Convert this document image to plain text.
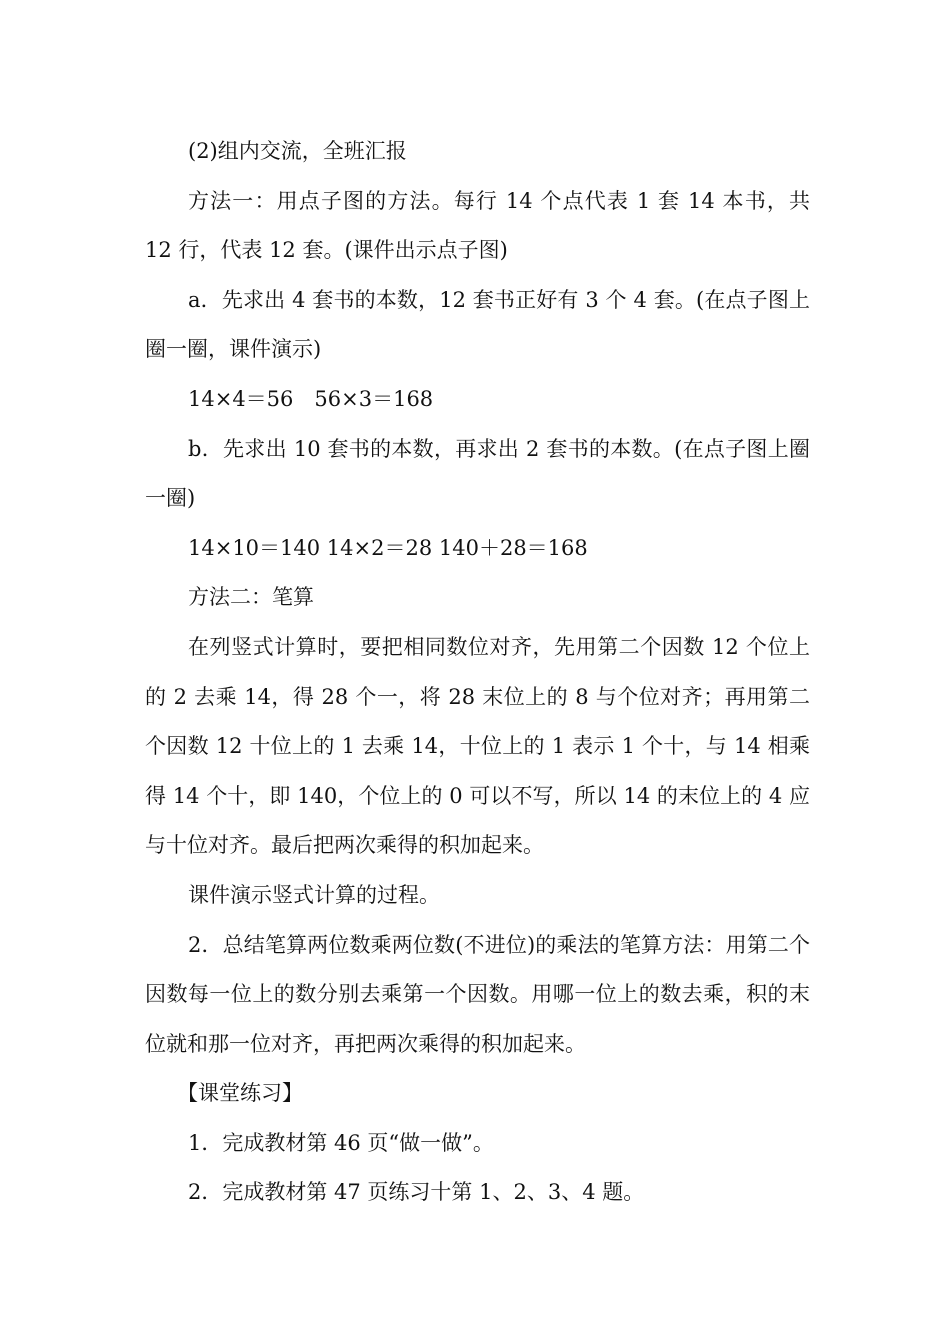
(2)组内交流，全班汇报

方法一：用点子图的方法。每行 14 个点代表 1 套 14 本书，共 12 行，代表 12 套。(课件出示点子图)

a．先求出 4 套书的本数，12 套书正好有 3 个 4 套。(在点子图上圈一圈，课件演示)

14×4＝56　56×3＝168

b．先求出 10 套书的本数，再求出 2 套书的本数。(在点子图上圈一圈)

14×10＝140 14×2＝28 140＋28＝168

方法二：笔算

在列竖式计算时，要把相同数位对齐，先用第二个因数 12 个位上的 2 去乘 14，得 28 个一，将 28 末位上的 8 与个位对齐；再用第二个因数 12 十位上的 1 去乘 14，十位上的 1 表示 1 个十，与 14 相乘得 14 个十，即 140，个位上的 0 可以不写，所以 14 的末位上的 4 应与十位对齐。最后把两次乘得的积加起来。

课件演示竖式计算的过程。

2．总结笔算两位数乘两位数(不进位)的乘法的笔算方法：用第二个因数每一位上的数分别去乘第一个因数。用哪一位上的数去乘，积的末位就和那一位对齐，再把两次乘得的积加起来。

【课堂练习】

1．完成教材第 46 页“做一做”。

2．完成教材第 47 页练习十第 1、2、3、4 题。
